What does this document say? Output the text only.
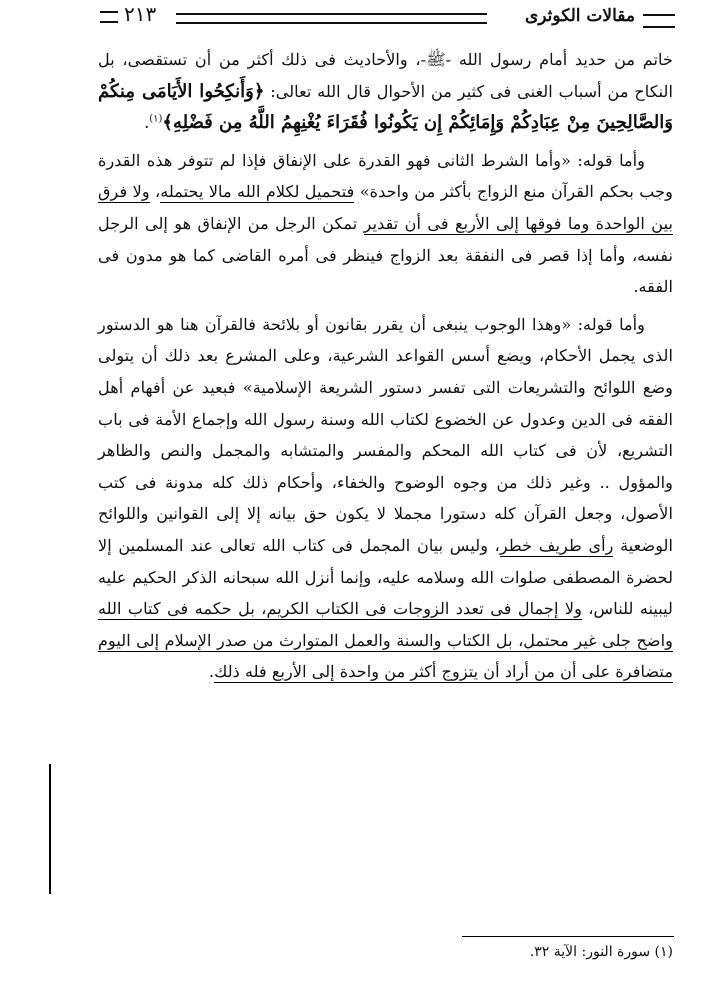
مقالات الكوثرى
٢١٣

خاتم من حديد أمام رسول الله -ﷺ-، والأحاديث فى ذلك أكثر من أن تستقصى، بل النكاح من أسباب الغنى فى كثير من الأحوال قال الله تعالى: ﴿وَأَنكِحُوا الأَيَامَى مِنكُمْ وَالصَّالِحِينَ مِنْ عِبَادِكُمْ وَإِمَائِكُمْ إِن يَكُونُوا فُقَرَاءَ يُغْنِهِمُ اللَّهُ مِن فَضْلِهِ﴾$^{(١)}$.

وأما قوله: «وأما الشرط الثانى فهو القدرة على الإنفاق فإذا لم تتوفر هذه القدرة وجب بحكم القرآن منع الزواج بأكثر من واحدة» فتحميل لكلام الله مالا يحتمله، ولا فرق بين الواحدة وما فوقها إلى الأربع فى أن تقدير تمكن الرجل من الإنفاق هو إلى الرجل نفسه، وأما إذا قصر فى النفقة بعد الزواج فينظر فى أمره القاضى كما هو مدون فى الفقه.

وأما قوله: «وهذا الوجوب ينبغى أن يقرر بقانون أو بلائحة فالقرآن هنا هو الدستور الذى يجمل الأحكام، ويضع أسس القواعد الشرعية، وعلى المشرع بعد ذلك أن يتولى وضع اللوائح والتشريعات التى تفسر دستور الشريعة الإسلامية» فبعيد عن أفهام أهل الفقه فى الدين وعدول عن الخضوع لكتاب الله وسنة رسول الله وإجماع الأمة فى باب التشريع، لأن فى كتاب الله المحكم والمفسر والمتشابه والمجمل والنص والظاهر والمؤول .. وغير ذلك من وجوه الوضوح والخفاء، وأحكام ذلك كله مدونة فى كتب الأصول، وجعل القرآن كله دستورا مجملا لا يكون حق بيانه إلا إلى القوانين واللوائح الوضعية رأى طريف خطر، وليس بيان المجمل فى كتاب الله تعالى عند المسلمين إلا لحضرة المصطفى صلوات الله وسلامه عليه، وإنما أنزل الله سبحانه الذكر الحكيم عليه ليبينه للناس، ولا إجمال فى تعدد الزوجات فى الكتاب الكريم، بل حكمه فى كتاب الله واضح جلى غير محتمل، بل الكتاب والسنة والعمل المتوارث من صدر الإسلام إلى اليوم متضافرة على أن من أراد أن يتزوج أكثر من واحدة إلى الأربع فله ذلك.

(١) سورة النور: الآية ٣٢.
